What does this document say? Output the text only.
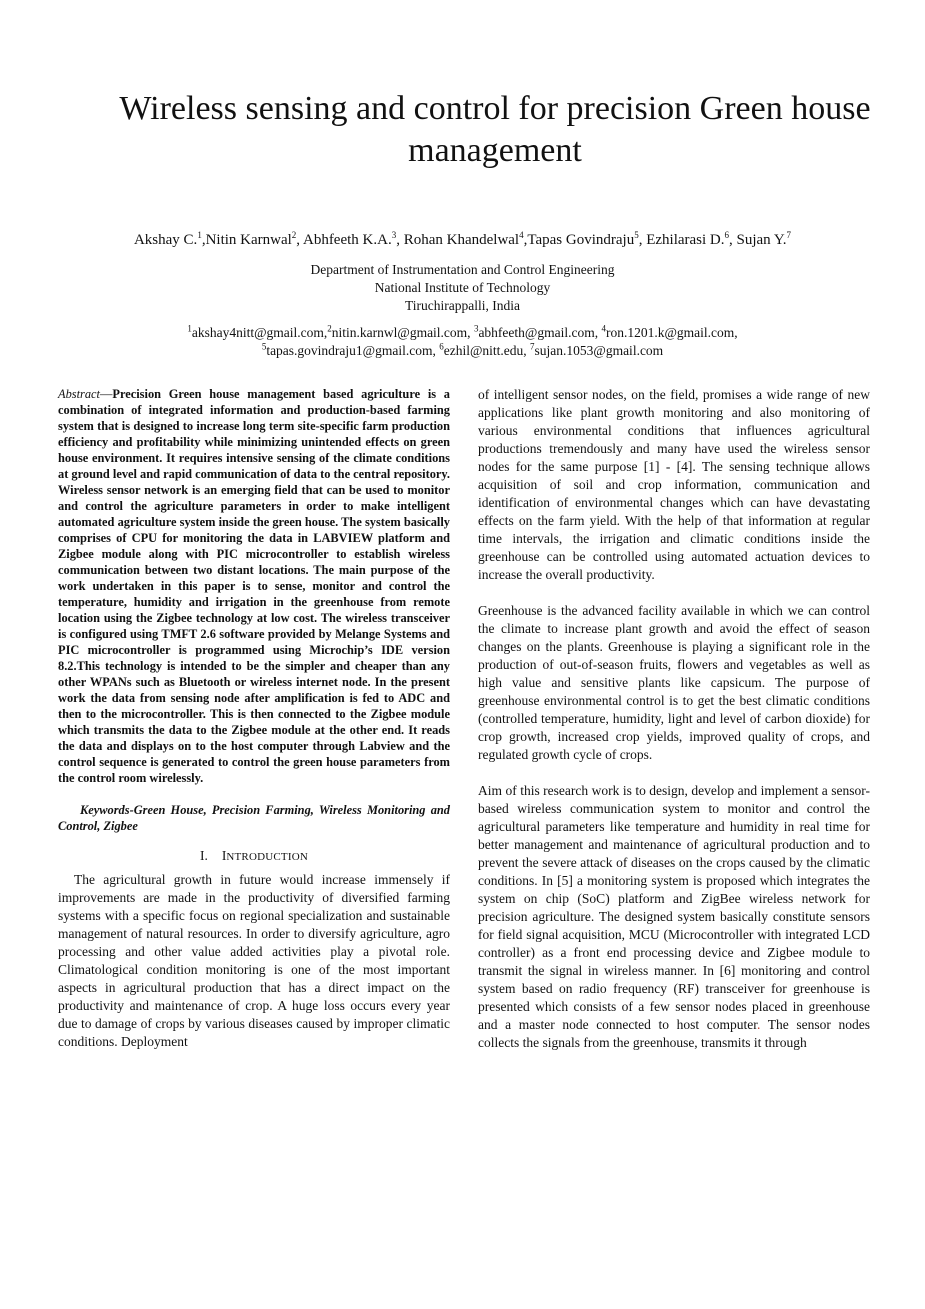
Wireless sensing and control for precision Green house management
Akshay C.$^1$,Nitin Karnwal$^2$, Abhfeeth K.A.$^3$, Rohan Khandelwal$^4$,Tapas Govindraju$^5$, Ezhilarasi D.$^6$, Sujan Y.$^7$
Department of Instrumentation and Control Engineering
National Institute of Technology
Tiruchirappalli, India
$^1$akshay4nitt@gmail.com,$^2$nitin.karnwl@gmail.com, $^3$abhfeeth@gmail.com, $^4$ron.1201.k@gmail.com,
$^5$tapas.govindraju1@gmail.com, $^6$ezhil@nitt.edu, $^7$sujan.1053@gmail.com

Abstract—Precision Green house management based agriculture is a combination of integrated information and production-based farming system that is designed to increase long term site-specific farm production efficiency and profitability while minimizing unintended effects on green house environment. It requires intensive sensing of the climate conditions at ground level and rapid communication of data to the central repository. Wireless sensor network is an emerging field that can be used to monitor and control the agriculture parameters in order to make intelligent automated agriculture system inside the green house. The system basically comprises of CPU for monitoring the data in LABVIEW platform and Zigbee module along with PIC microcontroller to establish wireless communication between two distant locations. The main purpose of the work undertaken in this paper is to sense, monitor and control the temperature, humidity and irrigation in the greenhouse from remote location using the Zigbee technology at low cost. The wireless transceiver is configured using TMFT 2.6 software provided by Melange Systems and PIC microcontroller is programmed using Microchip’s IDE version 8.2.This technology is intended to be the simpler and cheaper than any other WPANs such as Bluetooth or wireless internet node. In the present work the data from sensing node after amplification is fed to ADC and then to the microcontroller. This is then connected to the Zigbee module which transmits the data to the Zigbee module at the other end. It reads the data and displays on to the host computer through Labview and the control sequence is generated to control the green house parameters from the control room wirelessly.

Keywords-Green House, Precision Farming, Wireless Monitoring and Control, Zigbee

I. INTRODUCTION

The agricultural growth in future would increase immensely if improvements are made in the productivity of diversified farming systems with a specific focus on regional specialization and sustainable management of natural resources. In order to diversify agriculture, agro processing and other value added activities play a pivotal role. Climatological condition monitoring is one of the most important aspects in agricultural production that has a direct impact on the productivity and maintenance of crop. A huge loss occurs every year due to damage of crops by various diseases caused by improper climatic conditions. Deployment

of intelligent sensor nodes, on the field, promises a wide range of new applications like plant growth monitoring and also monitoring of various environmental conditions that influences agricultural productions tremendously and many have used the wireless sensor nodes for the same purpose [1] - [4]. The sensing technique allows acquisition of soil and crop information, communication and identification of environmental changes which can have devastating effects on the farm yield. With the help of that information at regular time intervals, the irrigation and climatic conditions inside the greenhouse can be controlled using automated actuation devices to increase the overall productivity.

Greenhouse is the advanced facility available in which we can control the climate to increase plant growth and avoid the effect of season changes on the plants. Greenhouse is playing a significant role in the production of out-of-season fruits, flowers and vegetables as well as high value and sensitive plants like capsicum. The purpose of greenhouse environmental control is to get the best climatic conditions (controlled temperature, humidity, light and level of carbon dioxide) for crop growth, increased crop yields, improved quality of crops, and regulated growth cycle of crops.

Aim of this research work is to design, develop and implement a sensor-based wireless communication system to monitor and control the agricultural parameters like temperature and humidity in real time for better management and maintenance of agricultural production and to prevent the severe attack of diseases on the crops caused by the climatic conditions. In [5] a monitoring system is proposed which integrates the system on chip (SoC) platform and ZigBee wireless network for precision agriculture. The designed system basically constitute sensors for field signal acquisition, MCU (Microcontroller with integrated LCD controller) as a front end processing device and Zigbee module to transmit the signal in wireless manner. In [6] monitoring and control system based on radio frequency (RF) transceiver for greenhouse is presented which consists of a few sensor nodes placed in greenhouse and a master node connected to host computer. The sensor nodes collects the signals from the greenhouse, transmits it through
